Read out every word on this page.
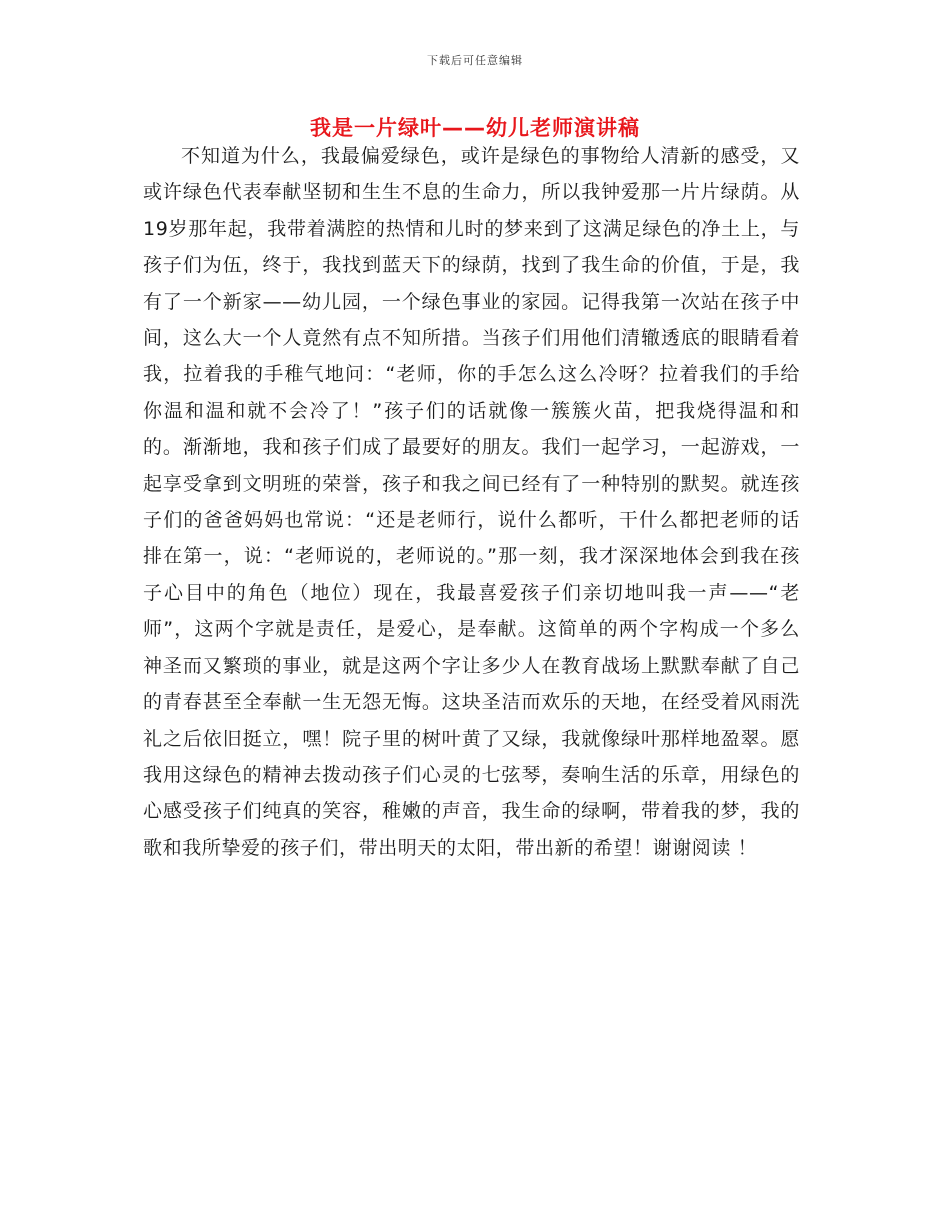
下载后可任意编辑
我是一片绿叶——幼儿老师演讲稿

不知道为什么，我最偏爱绿色，或许是绿色的事物给人清新的感受，又或许绿色代表奉献坚韧和生生不息的生命力，所以我钟爱那一片片绿荫。从19岁那年起，我带着满腔的热情和儿时的梦来到了这满足绿色的净土上，与孩子们为伍，终于，我找到蓝天下的绿荫，找到了我生命的价值，于是，我有了一个新家——幼儿园，一个绿色事业的家园。记得我第一次站在孩子中间，这么大一个人竟然有点不知所措。当孩子们用他们清辙透底的眼睛看着我，拉着我的手稚气地问：“老师，你的手怎么这么冷呀？拉着我们的手给你温和温和就不会冷了！”孩子们的话就像一簇簇火苗，把我烧得温和和的。渐渐地，我和孩子们成了最要好的朋友。我们一起学习，一起游戏，一起享受拿到文明班的荣誉，孩子和我之间已经有了一种特别的默契。就连孩子们的爸爸妈妈也常说：“还是老师行，说什么都听，干什么都把老师的话排在第一，说：“老师说的，老师说的。”那一刻，我才深深地体会到我在孩子心目中的角色（地位）现在，我最喜爱孩子们亲切地叫我一声——“老师”，这两个字就是责任，是爱心，是奉献。这简单的两个字构成一个多么神圣而又繁琐的事业，就是这两个字让多少人在教育战场上默默奉献了自己的青春甚至全奉献一生无怨无悔。这块圣洁而欢乐的天地，在经受着风雨洗礼之后依旧挺立，嘿！院子里的树叶黄了又绿，我就像绿叶那样地盈翠。愿我用这绿色的精神去拨动孩子们心灵的七弦琴，奏响生活的乐章，用绿色的心感受孩子们纯真的笑容，稚嫩的声音，我生命的绿啊，带着我的梦，我的歌和我所挚爱的孩子们，带出明天的太阳，带出新的希望！谢谢阅读 ！
